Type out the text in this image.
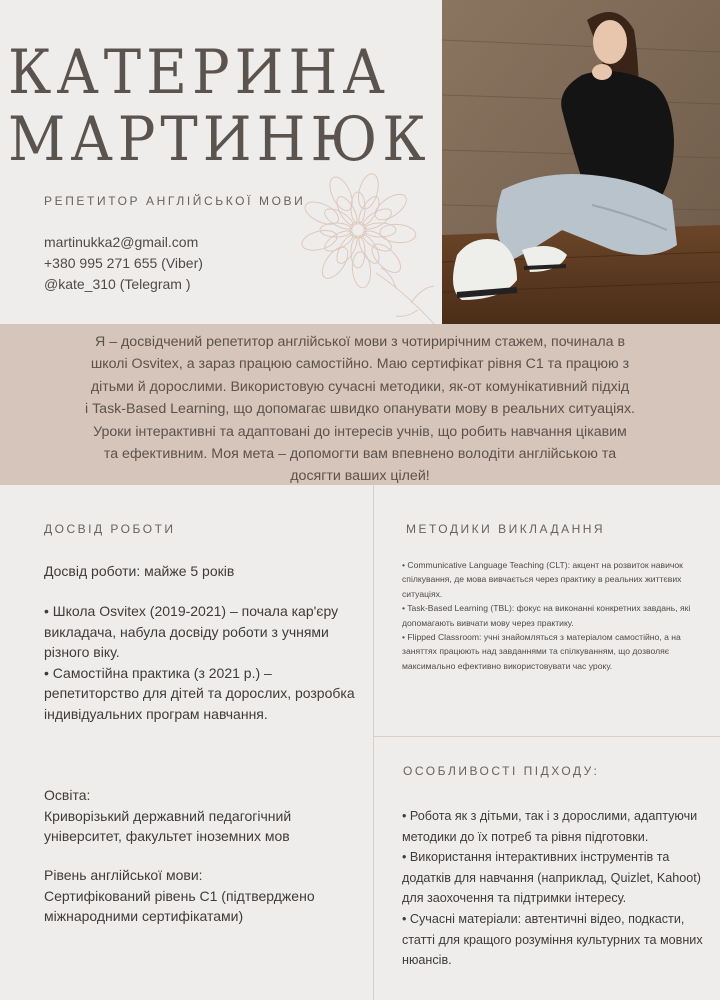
КАТЕРИНА
МАРТИНЮК
РЕПЕТИТОР АНГЛІЙСЬКОЇ МОВИ
martinukka2@gmail.com
+380 995 271 655 (Viber)
@kate_310 (Telegram )
Я – досвідчений репетитор англійської мови з чотирирічним стажем, починала в
школі Osvitex, а зараз працюю самостійно. Маю сертифікат рівня C1 та працюю з
дітьми й дорослими. Використовую сучасні методики, як-от комунікативний підхід
і Task-Based Learning, що допомагає швидко опанувати мову в реальних ситуаціях.
Уроки інтерактивні та адаптовані до інтересів учнів, що робить навчання цікавим
та ефективним. Моя мета – допомогти вам впевнено володіти англійською та
досягти ваших цілей!
ДОСВІД РОБОТИ
Досвід роботи: майже 5 років

• Школа Osvitex (2019-2021) – почала кар'єру викладача, набула досвіду роботи з учнями різного віку.

• Самостійна практика (з 2021 р.) – репетиторство для дітей та дорослих, розробка індивідуальних програм навчання.

Освіта:

Криворізький державний педагогічний університет, факультет іноземних мов

Рівень англійської мови:

Сертифікований рівень C1 (підтверджено міжнародними сертифікатами)

МЕТОДИКИ ВИКЛАДАННЯ

• Communicative Language Teaching (CLT): акцент на розвиток навичок спілкування, де мова вивчається через практику в реальних життєвих ситуаціях.

• Task-Based Learning (TBL): фокус на виконанні конкретних завдань, які допомагають вивчати мову через практику.

• Flipped Classroom: учні знайомляться з матеріалом самостійно, а на заняттях працюють над завданнями та спілкуванням, що дозволяє максимально ефективно використовувати час уроку.

ОСОБЛИВОСТІ ПІДХОДУ:

• Робота як з дітьми, так і з дорослими, адаптуючи методики до їх потреб та рівня підготовки.

• Використання інтерактивних інструментів та додатків для навчання (наприклад, Quizlet, Kahoot) для заохочення та підтримки інтересу.

• Сучасні матеріали: автентичні відео, подкасти, статті для кращого розуміння культурних та мовних нюансів.
